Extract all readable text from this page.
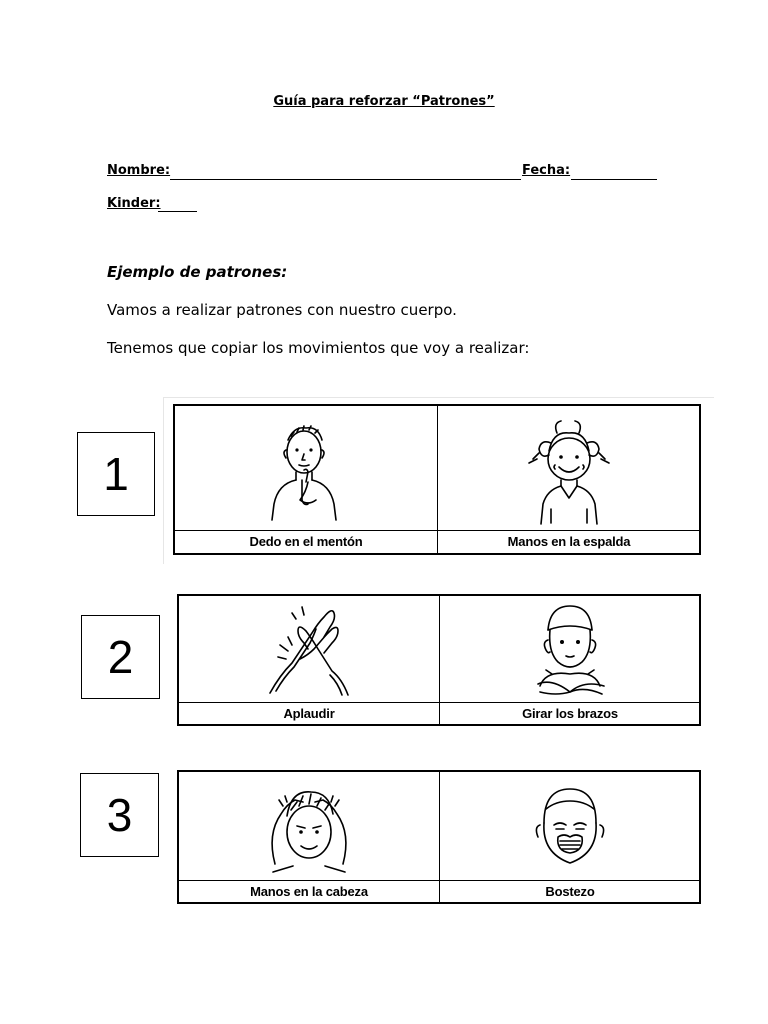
Guía para reforzar “Patrones”
Nombre:	Fecha:
Kinder:
Ejemplo de patrones:
Vamos a realizar patrones con nuestro cuerpo.
Tenemos que copiar los movimientos que voy a realizar:
1
Dedo en el mentón	Manos en la espalda
2
Aplaudir	Girar los brazos
3
Manos en la cabeza	Bostezo
